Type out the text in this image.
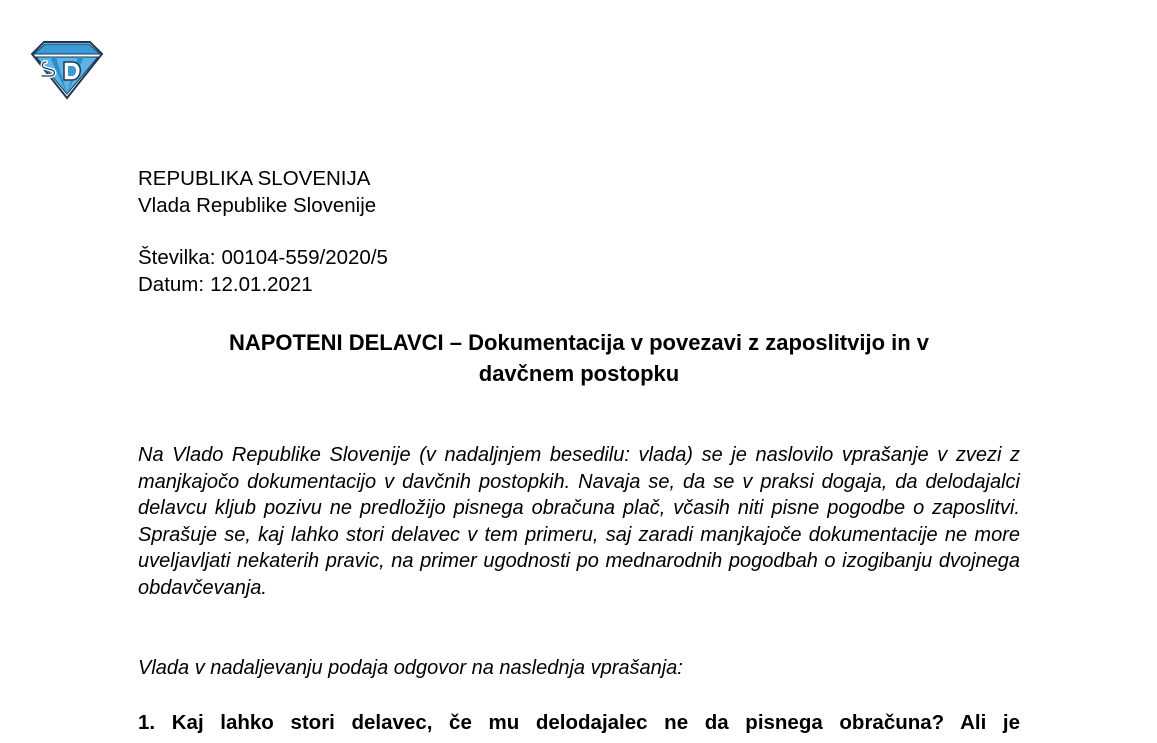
REPUBLIKA SLOVENIJA
Vlada Republike Slovenije
Številka: 00104-559/2020/5
Datum: 12.01.2021
NAPOTENI DELAVCI – Dokumentacija v povezavi z zaposlitvijo in v
davčnem postopku

Na Vlado Republike Slovenije (v nadaljnjem besedilu: vlada) se je naslovilo vprašanje v zvezi z manjkajočo dokumentacijo v davčnih postopkih. Navaja se, da se v praksi dogaja, da delodajalci delavcu kljub pozivu ne predložijo pisnega obračuna plač, včasih niti pisne pogodbe o zaposlitvi. Sprašuje se, kaj lahko stori delavec v tem primeru, saj zaradi manjkajoče dokumentacije ne more uveljavljati nekaterih pravic, na primer ugodnosti po mednarodnih pogodbah o izogibanju dvojnega obdavčevanja.

Vlada v nadaljevanju podaja odgovor na naslednja vprašanja:

1. Kaj lahko stori delavec, če mu delodajalec ne da pisnega obračuna? Ali je
